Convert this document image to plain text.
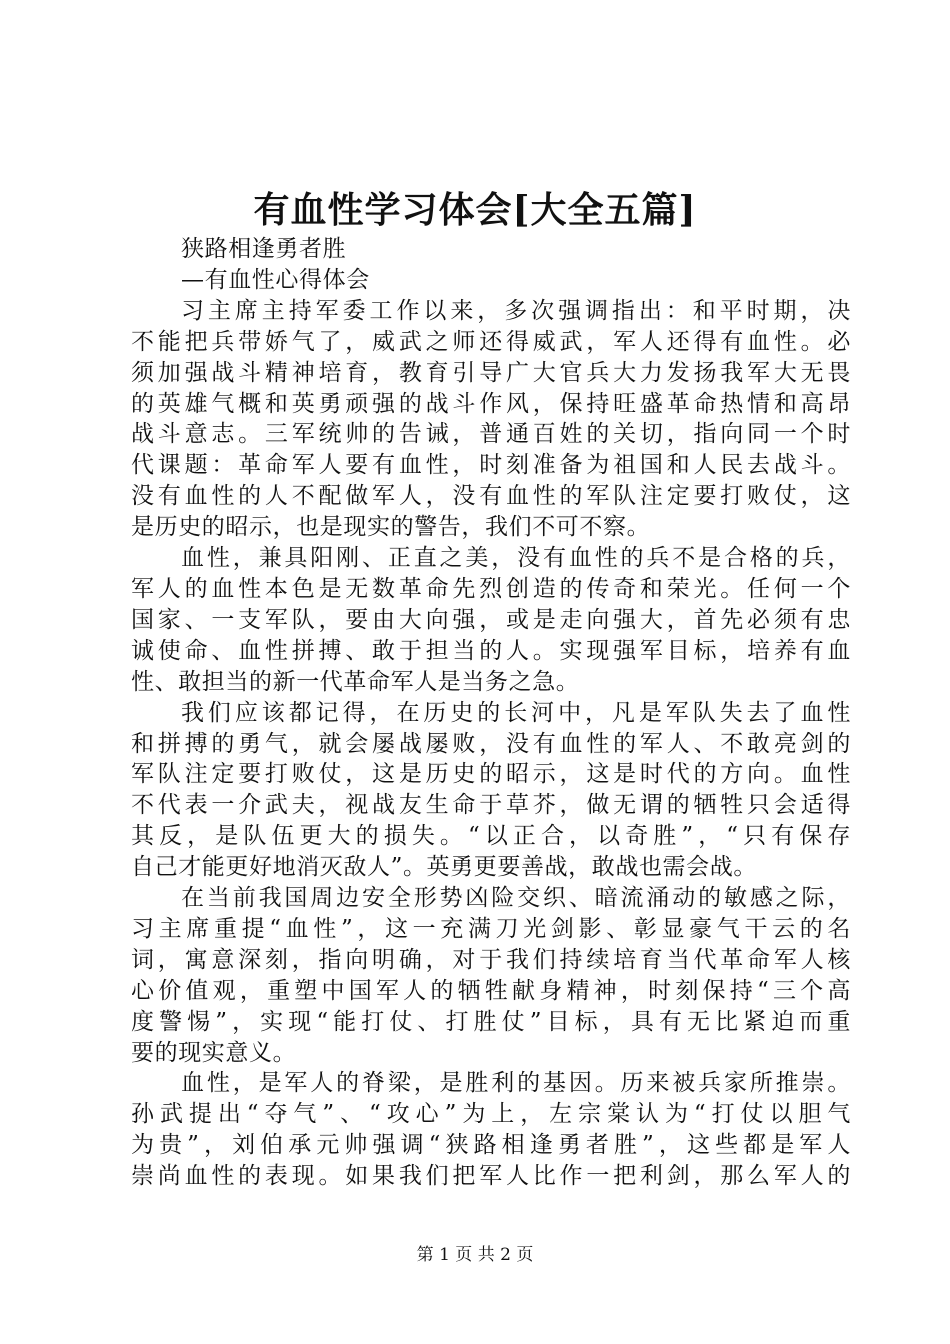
有血性学习体会[大全五篇]
狭路相逢勇者胜
—有血性心得体会
习主席主持军委工作以来，多次强调指出：和平时期，决
不能把兵带娇气了，威武之师还得威武，军人还得有血性。必
须加强战斗精神培育，教育引导广大官兵大力发扬我军大无畏
的英雄气概和英勇顽强的战斗作风，保持旺盛革命热情和高昂
战斗意志。三军统帅的告诫，普通百姓的关切，指向同一个时
代课题：革命军人要有血性，时刻准备为祖国和人民去战斗。
没有血性的人不配做军人，没有血性的军队注定要打败仗，这
是历史的昭示，也是现实的警告，我们不可不察。
血性，兼具阳刚、正直之美，没有血性的兵不是合格的兵，
军人的血性本色是无数革命先烈创造的传奇和荣光。任何一个
国家、一支军队，要由大向强，或是走向强大，首先必须有忠
诚使命、血性拼搏、敢于担当的人。实现强军目标，培养有血
性、敢担当的新一代革命军人是当务之急。
我们应该都记得，在历史的长河中，凡是军队失去了血性
和拼搏的勇气，就会屡战屡败，没有血性的军人、不敢亮剑的
军队注定要打败仗，这是历史的昭示，这是时代的方向。血性
不代表一介武夫，视战友生命于草芥，做无谓的牺牲只会适得
其反，是队伍更大的损失。“以正合，以奇胜”，“只有保存
自己才能更好地消灭敌人”。英勇更要善战，敢战也需会战。
在当前我国周边安全形势凶险交织、暗流涌动的敏感之际，
习主席重提“血性”，这一充满刀光剑影、彰显豪气干云的名
词，寓意深刻，指向明确，对于我们持续培育当代革命军人核
心价值观，重塑中国军人的牺牲献身精神，时刻保持“三个高
度警惕”，实现“能打仗、打胜仗”目标，具有无比紧迫而重
要的现实意义。
血性，是军人的脊梁，是胜利的基因。历来被兵家所推崇。
孙武提出“夺气”、“攻心”为上，左宗棠认为“打仗以胆气
为贵”，刘伯承元帅强调“狭路相逢勇者胜”，这些都是军人
崇尚血性的表现。如果我们把军人比作一把利剑，那么军人的
第 1 页 共 2 页
